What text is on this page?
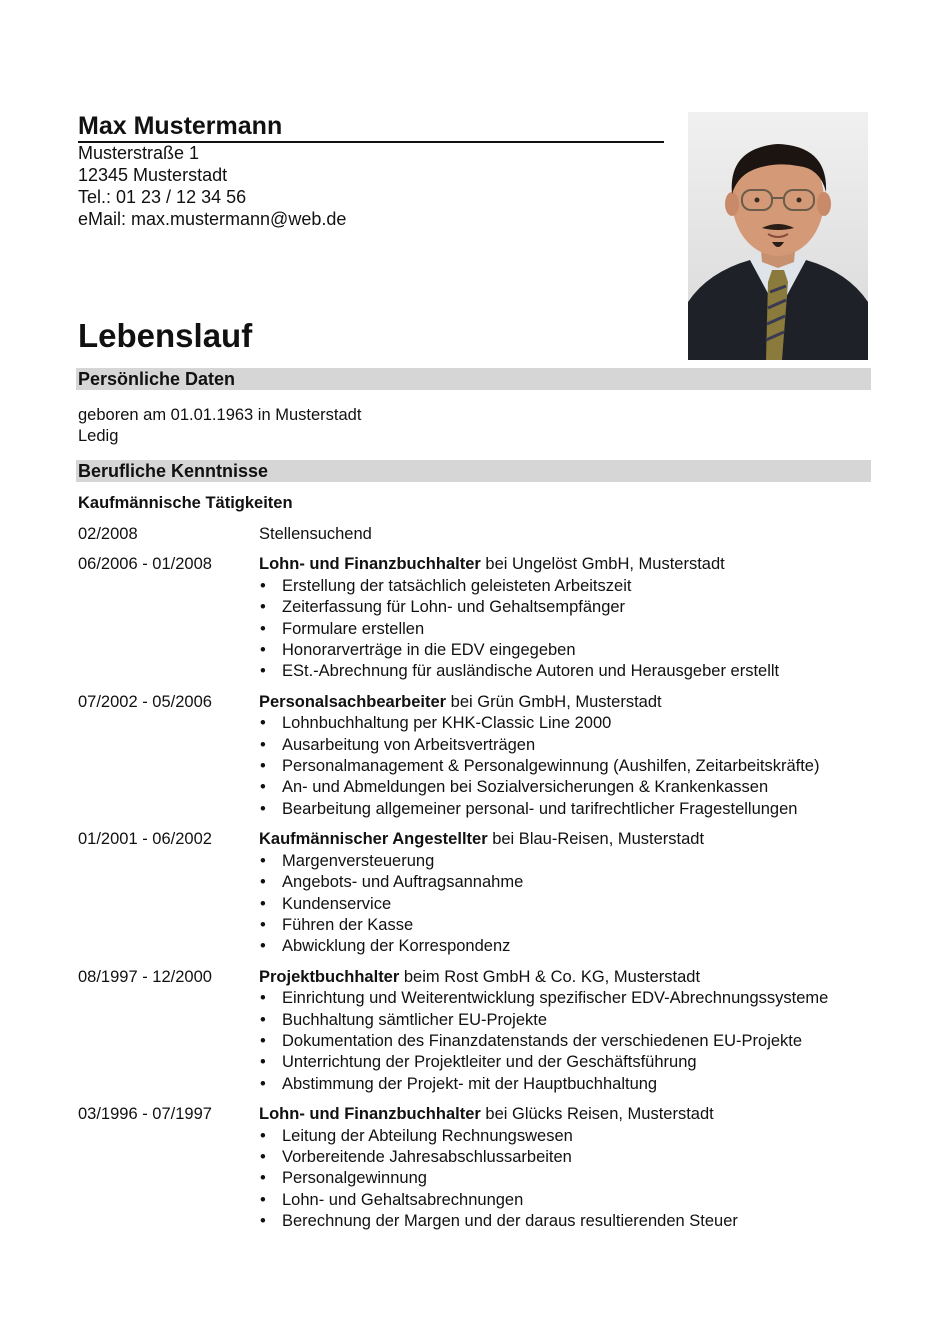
Max Mustermann
Musterstraße 1
12345 Musterstadt
Tel.: 01 23 / 12 34 56
eMail: max.mustermann@web.de
Lebenslauf
Persönliche Daten
geboren am 01.01.1963 in Musterstadt
Ledig
Berufliche Kenntnisse
Kaufmännische Tätigkeiten
02/2008	Stellensuchend
06/2006 - 01/2008	Lohn- und Finanzbuchhalter bei Ungelöst GmbH, Musterstadt
• Erstellung der tatsächlich geleisteten Arbeitszeit
• Zeiterfassung für Lohn- und Gehaltsempfänger
• Formulare erstellen
• Honorarverträge in die EDV eingegeben
• ESt.-Abrechnung für ausländische Autoren und Herausgeber erstellt
07/2002 - 05/2006	Personalsachbearbeiter bei Grün GmbH, Musterstadt
• Lohnbuchhaltung per KHK-Classic Line 2000
• Ausarbeitung von Arbeitsverträgen
• Personalmanagement & Personalgewinnung (Aushilfen, Zeitarbeitskräfte)
• An- und Abmeldungen bei Sozialversicherungen & Krankenkassen
• Bearbeitung allgemeiner personal- und tarifrechtlicher Fragestellungen
01/2001 - 06/2002	Kaufmännischer Angestellter bei Blau-Reisen, Musterstadt
• Margenversteuerung
• Angebots- und Auftragsannahme
• Kundenservice
• Führen der Kasse
• Abwicklung der Korrespondenz
08/1997 - 12/2000	Projektbuchhalter beim Rost GmbH & Co. KG, Musterstadt
• Einrichtung und Weiterentwicklung spezifischer EDV-Abrechnungssysteme
• Buchhaltung sämtlicher EU-Projekte
• Dokumentation des Finanzdatenstands der verschiedenen EU-Projekte
• Unterrichtung der Projektleiter und der Geschäftsführung
• Abstimmung der Projekt- mit der Hauptbuchhaltung
03/1996 - 07/1997	Lohn- und Finanzbuchhalter bei Glücks Reisen, Musterstadt
• Leitung der Abteilung Rechnungswesen
• Vorbereitende Jahresabschlussarbeiten
• Personalgewinnung
• Lohn- und Gehaltsabrechnungen
• Berechnung der Margen und der daraus resultierenden Steuer
